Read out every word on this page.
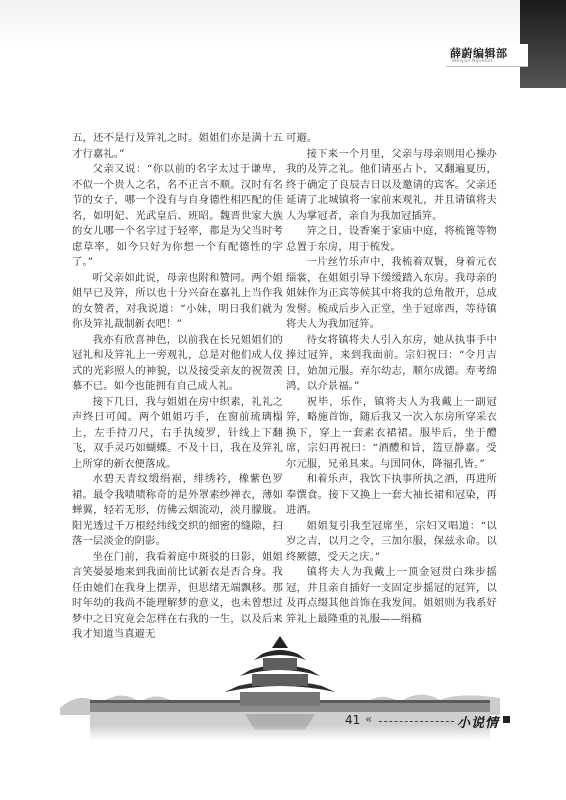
薛蔚编辑部
Weiyun Novelist

五，还不是行及笄礼之时。姐姐们亦是满十五才行嘉礼。”

父亲又说：“你以前的名字太过于谦卑，不似一个贵人之名，名不正言不顺。汉时有名节的女子，哪一个没有与自身德性相匹配的佳名，如明妃、光武皇后、班昭。魏晋世家大族的女儿哪一个名字过于轻率，都是为父当时考虑草率，如今只好为你想一个有配德性的字了。”

听父亲如此说，母亲也附和赞同。两个姐姐早已及笄，所以也十分兴奋在嘉礼上当作我的女赞者，对我说道：“小妹，明日我们就为你及笄礼裁制新衣吧！”

我亦有欣喜神色，以前我在长兄姐姐们的冠礼和及笄礼上一旁观礼，总是对他们成人仪式的光彩照人的神貌，以及接受亲友的祝贺羡慕不已。如今也能拥有自己成人礼。

接下几日，我与姐姐在房中织素，礼礼之声终日可闻。两个姐姐巧手，在窗前琉璃榻上，左手持刀尺，右手执绫罗，针线上下翻飞，双手灵巧如蝴蝶。不及十日，我在及笄礼上所穿的新衣便落成。

水碧天青纹缎绢裾，绯绣衿，橡紫色罗裙。最令我啧啧称奇的是外罩素纱禅衣，薄如蝉翼，轻若无形，仿佛云烟流动，淡月朦胧。阳光透过千万根经纬线交织的细密的缝隙，扫落一层淡金的阴影。

坐在门前，我看着庭中斑驳的日影，姐姐言笑晏晏地来到我面前比试新衣是否合身。我任由她们在我身上摆弄，但思绪无端飘移。那时年幼的我尚不能理解梦的意义，也未曾想过梦中之日究竟会怎样在右我的一生，以及后来我才知道当真避无

可避。

接下来一个月里，父亲与母亲则用心操办我的及笄之礼。他们请巫占卜，又翻遍夏历，终于确定了良辰吉日以及邀请的宾客。父亲还延请了北城镇将一家前来观礼，并且请镇将夫人为掌冠者，亲自为我加冠插笄。

笄之日，设香案于家庙中庭，将梳篦等物总置于东房，用于梳发。

一片丝竹乐声中，我梳着双鬟，身着元衣缁裳，在姐姐引导下缓缓踏入东房。我母亲的姐妹作为正宾等候其中将我的总角散开，总成发髻。梳成后步入正堂，坐于冠席西，等待镇将夫人为我加冠笄。

待女将镇将夫人引入东房，她从执事手中捧过冠笄，来到我面前。宗妇祝曰：“令月吉日，始加元服。弃尔幼志，顺尔成德。寿考绵鸿，以介景福。”

祝毕，乐作，镇将夫人为我戴上一副冠笄，略施首饰，随后我又一次入东房所穿采衣换下，穿上一套素衣裙裙。服毕后，坐于醴席，宗妇再祝曰：“酒醴和旨，笾豆静嘉。受尔元服，兄弟具来。与国同休，降福孔皆。”

和着乐声，我饮下执事所执之酒，再进所奉馔食。接下又换上一套大袖长裙和冠染，再进酒。

姐姐复引我至冠席坐，宗妇又唱道：“以岁之吉，以月之令，三加尔服，保兹永命。以终厥德，受天之庆。”

镇将夫人为我戴上一顶金冠贯白珠步摇冠，并且亲自插好一支固定步摇冠的冠笄，以及再点缀其他首饰在我发间。姐姐则为我系好笄礼上最隆重的礼服——绢稿

41 «	小说情
